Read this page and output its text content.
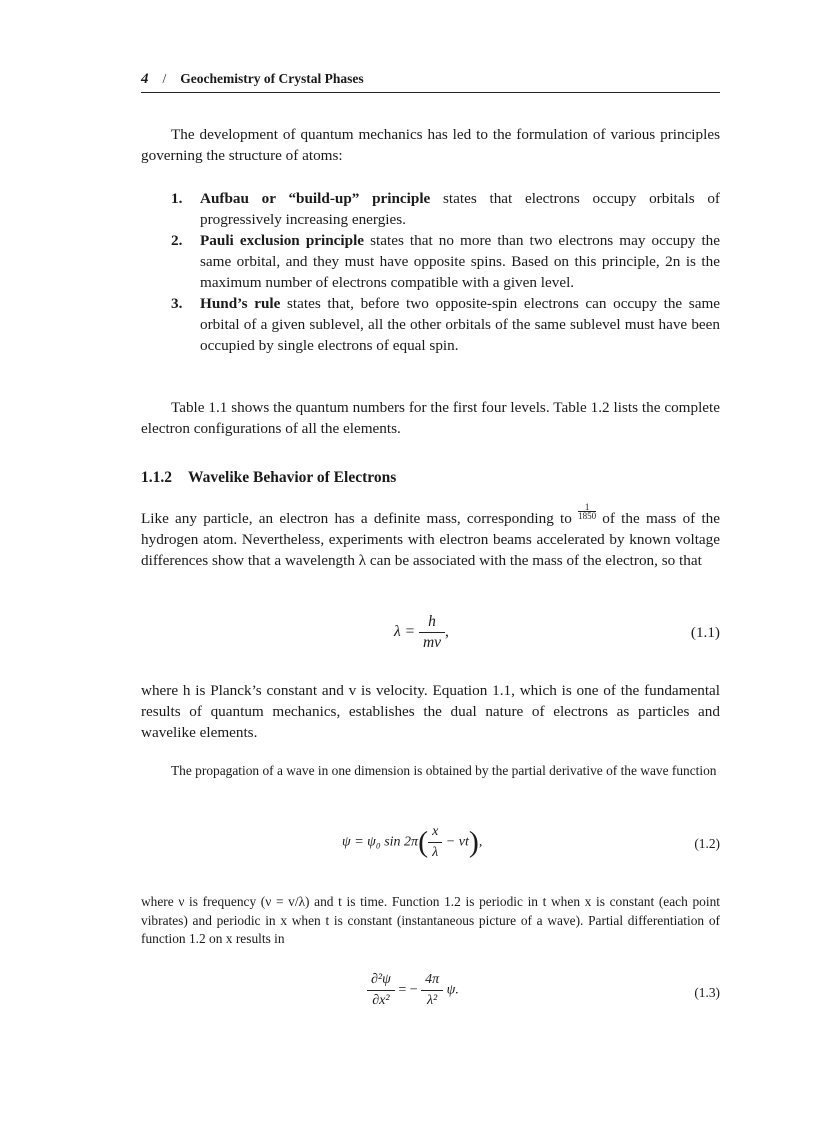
4 / Geochemistry of Crystal Phases

The development of quantum mechanics has led to the formulation of various principles governing the structure of atoms:

1. Aufbau or “build-up” principle states that electrons occupy orbitals of progressively increasing energies.
2. Pauli exclusion principle states that no more than two electrons may occupy the same orbital, and they must have opposite spins. Based on this principle, 2n is the maximum number of electrons compatible with a given level.
3. Hund’s rule states that, before two opposite-spin electrons can occupy the same orbital of a given sublevel, all the other orbitals of the same sublevel must have been occupied by single electrons of equal spin.

Table 1.1 shows the quantum numbers for the first four levels. Table 1.2 lists the complete electron configurations of all the elements.

1.1.2 Wavelike Behavior of Electrons

Like any particle, an electron has a definite mass, corresponding to $\frac{1}{1850}$ of the mass of the hydrogen atom. Nevertheless, experiments with electron beams accelerated by known voltage differences show that a wavelength λ can be associated with the mass of the electron, so that

$\lambda = \frac{h}{mv}$ ,	(1.1)

where h is Planck’s constant and v is velocity. Equation 1.1, which is one of the fundamental results of quantum mechanics, establishes the dual nature of electrons as particles and wavelike elements.

The propagation of a wave in one dimension is obtained by the partial derivative of the wave function

ψ = ψ₀ $\sin 2\pi( \frac{x}{\lambda} - \nu t)$,	(1.2)

where ν is frequency (ν = v/λ) and t is time. Function 1.2 is periodic in t when x is constant (each point vibrates) and periodic in x when t is constant (instantaneous picture of a wave). Partial differentiation of function 1.2 on x results in

$\frac{\text{∂²ψ}}{\text{∂x²}}$ = − $\frac{4\pi}{\text{λ²}} \psi$.	(1.3)
